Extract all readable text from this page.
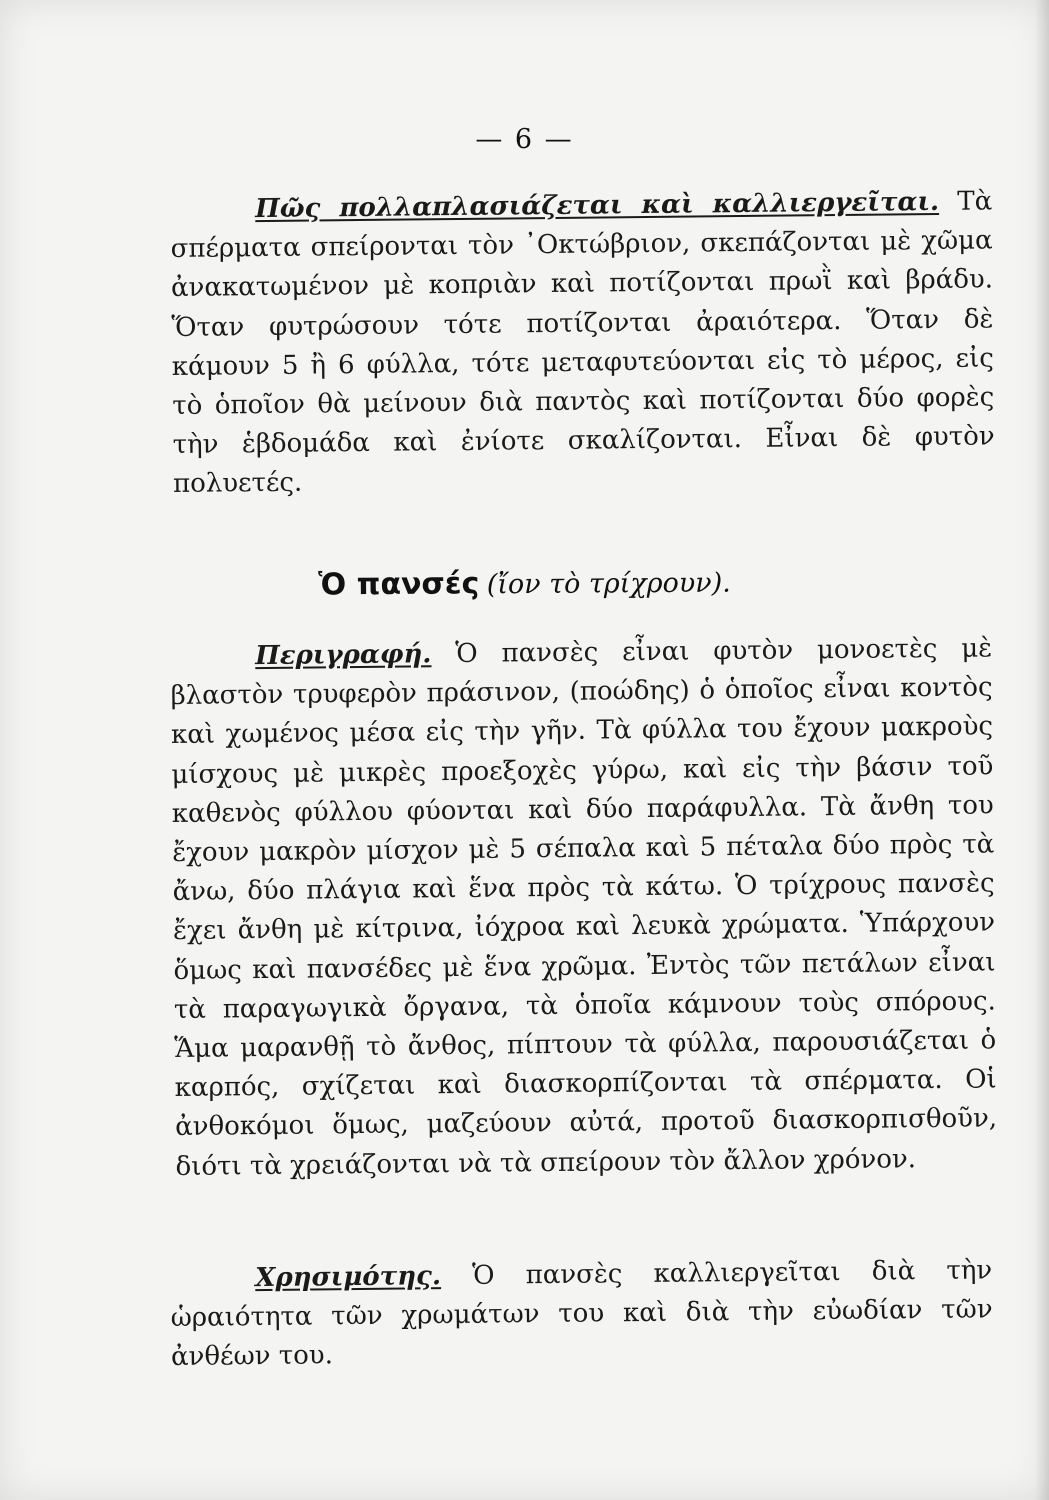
— 6 —
Πῶς πολλαπλασιάζεται καὶ καλλιεργεῖται. Τὰ σπέρματα σπείρονται τὸν ᾿Οκτώβριον, σκεπάζονται μὲ χῶμα ἀνακατωμένον μὲ κοπριὰν καὶ ποτίζονται πρωῒ καὶ βράδυ. Ὅταν φυτρώσουν τότε ποτίζονται ἀραιότερα. Ὅταν δὲ κάμουν 5 ἢ 6 φύλλα, τότε μεταφυτεύονται εἰς τὸ μέρος, εἰς τὸ ὁποῖον θὰ μείνουν διὰ παντὸς καὶ ποτίζονται δύο φορὲς τὴν ἑβδομάδα καὶ ἐνίοτε σκαλίζονται. Εἶναι δὲ φυτὸν πολυετές.
Ὁ πανσές (ἴον τὸ τρίχρουν).
Περιγραφή. Ὁ πανσὲς εἶναι φυτὸν μονοετὲς μὲ βλαστὸν τρυφερὸν πράσινον, (ποώδης) ὁ ὁποῖος εἶναι κοντὸς καὶ χωμένος μέσα εἰς τὴν γῆν. Τὰ φύλλα του ἔχουν μακροὺς μίσχους μὲ μικρὲς προεξοχὲς γύρω, καὶ εἰς τὴν βάσιν τοῦ καθενὸς φύλλου φύονται καὶ δύο παράφυλλα. Τὰ ἄνθη του ἔχουν μακρὸν μίσχον μὲ 5 σέπαλα καὶ 5 πέταλα δύο πρὸς τὰ ἄνω, δύο πλάγια καὶ ἕνα πρὸς τὰ κάτω. Ὁ τρίχρους πανσὲς ἔχει ἄνθη μὲ κίτρινα, ἰόχροα καὶ λευκὰ χρώματα. Ὑπάρχουν ὅμως καὶ πανσέδες μὲ ἕνα χρῶμα. Ἐντὸς τῶν πετάλων εἶναι τὰ παραγωγικὰ ὄργανα, τὰ ὁποῖα κάμνουν τοὺς σπόρους. Ἅμα μαρανθῇ τὸ ἄνθος, πίπτουν τὰ φύλλα, παρουσιάζεται ὁ καρπός, σχίζεται καὶ διασκορπίζονται τὰ σπέρματα. Οἱ ἀνθοκόμοι ὅμως, μαζεύουν αὐτά, προτοῦ διασκορπισθοῦν, διότι τὰ χρειάζονται νὰ τὰ σπείρουν τὸν ἄλλον χρόνον.
Χρησιμότης. Ὁ πανσὲς καλλιεργεῖται διὰ τὴν ὡραιότητα τῶν χρωμάτων του καὶ διὰ τὴν εὐωδίαν τῶν ἀνθέων του.
